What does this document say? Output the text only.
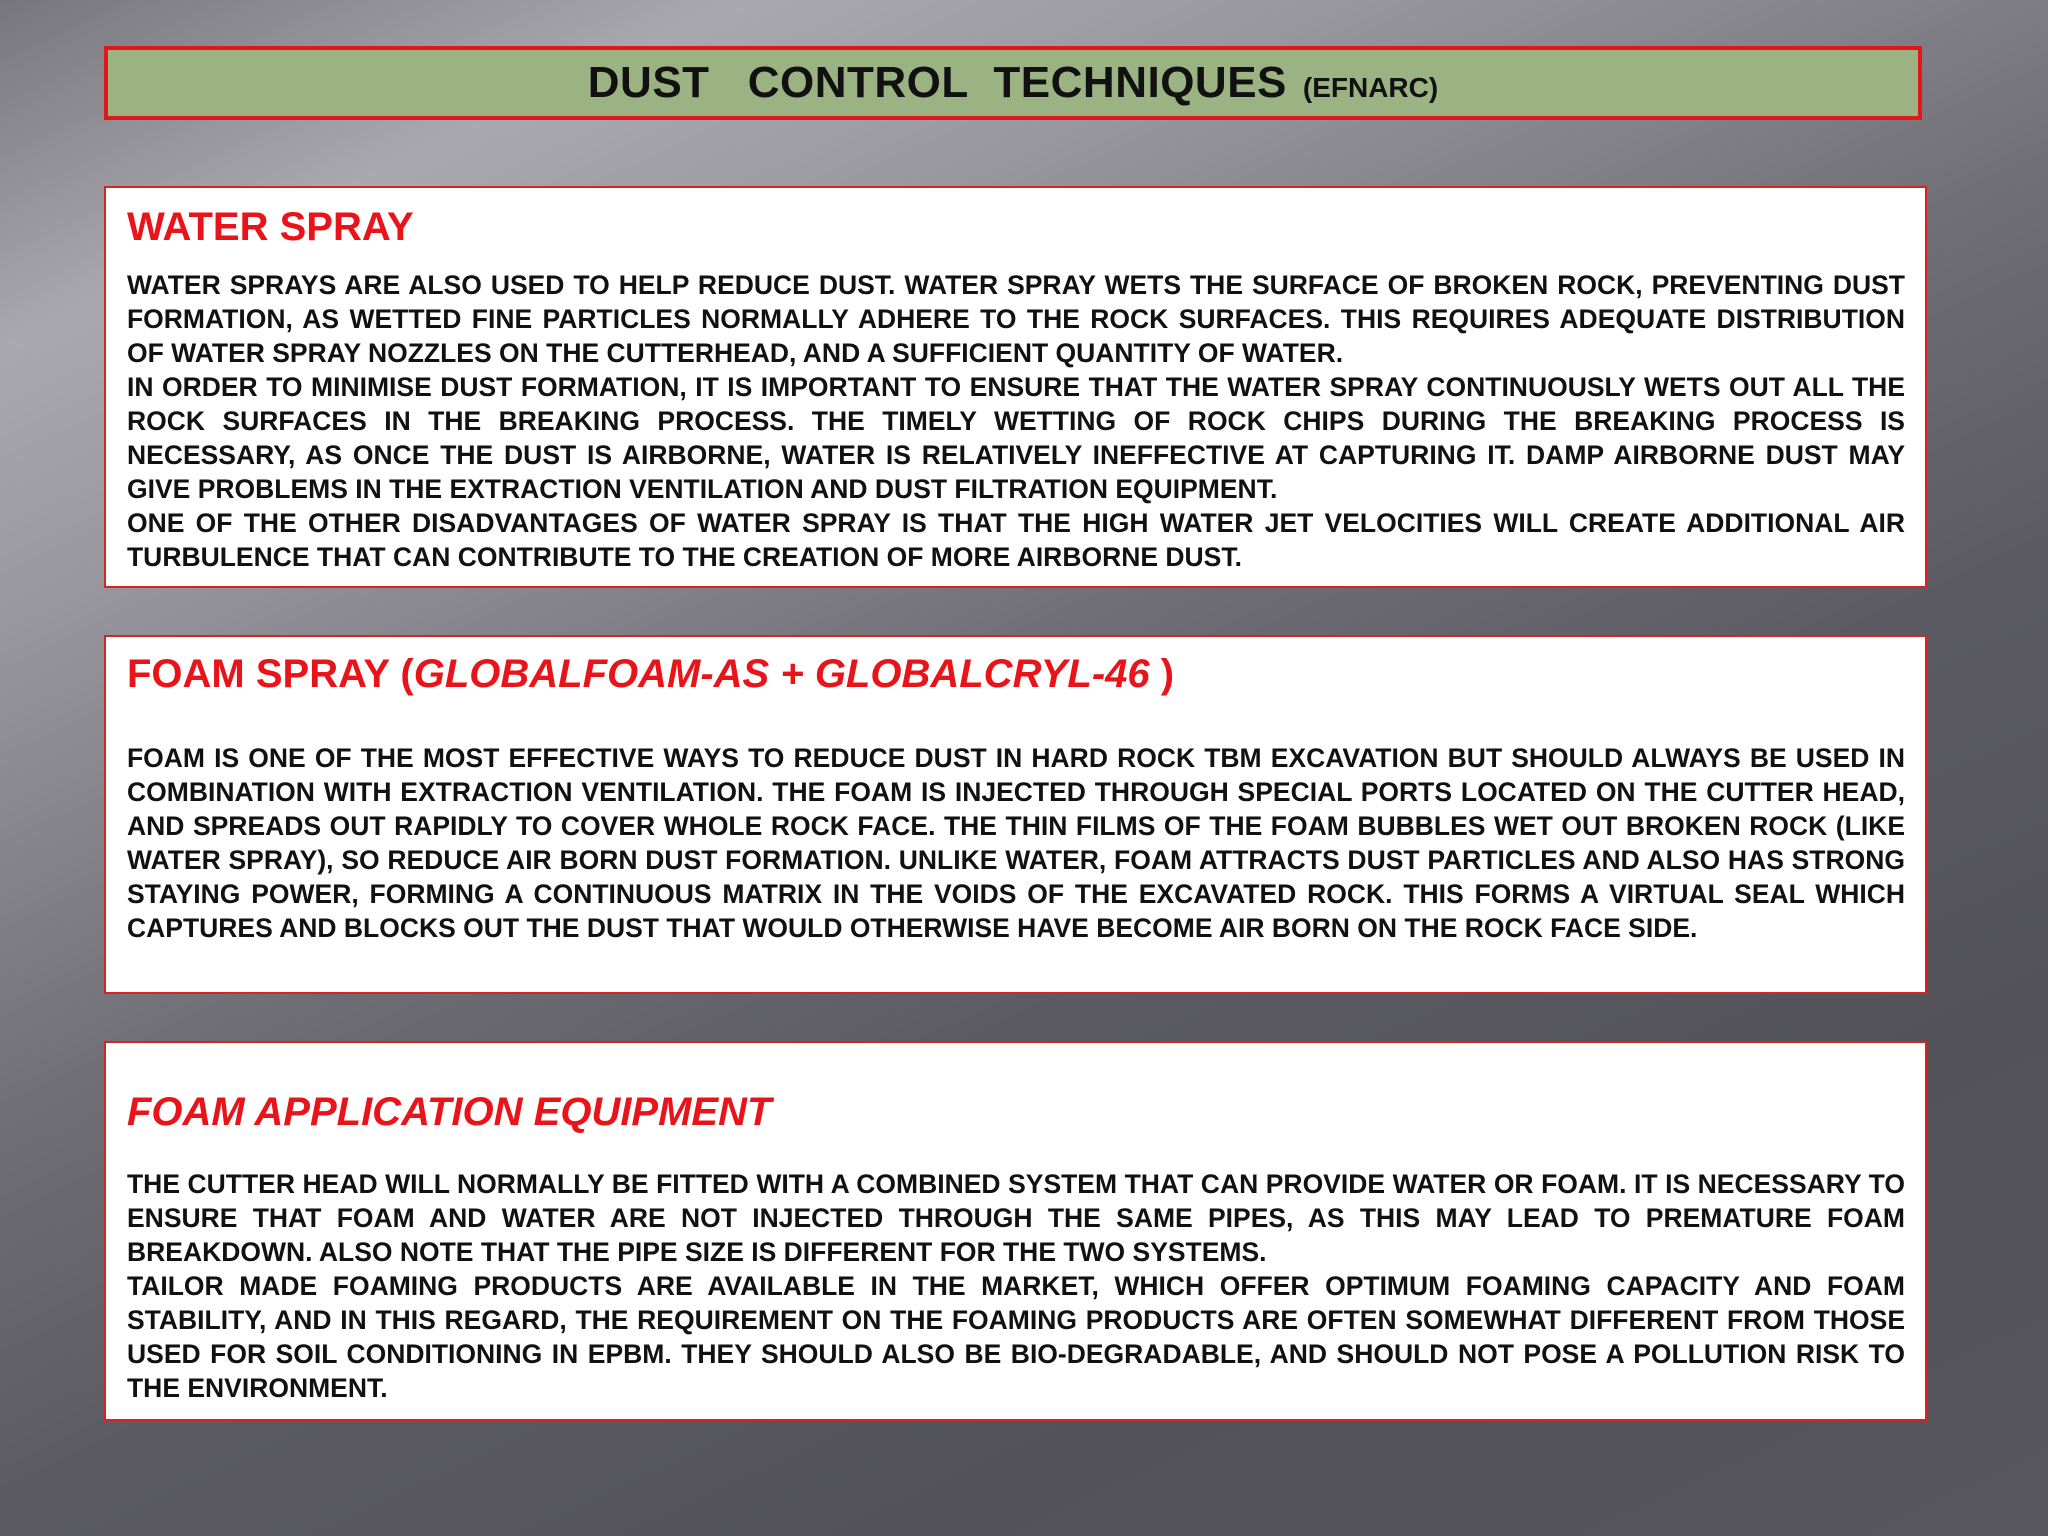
DUST   CONTROL  TECHNIQUES (EFNARC)
WATER SPRAY

WATER SPRAYS ARE ALSO USED TO HELP REDUCE DUST. WATER SPRAY WETS THE SURFACE OF BROKEN ROCK, PREVENTING DUST FORMATION, AS WETTED FINE PARTICLES NORMALLY ADHERE TO THE ROCK SURFACES. THIS REQUIRES ADEQUATE DISTRIBUTION OF WATER SPRAY NOZZLES ON THE CUTTERHEAD, AND A SUFFICIENT QUANTITY OF WATER.

IN ORDER TO MINIMISE DUST FORMATION, IT IS IMPORTANT TO ENSURE THAT THE WATER SPRAY CONTINUOUSLY WETS OUT ALL THE ROCK SURFACES IN THE BREAKING PROCESS. THE TIMELY WETTING OF ROCK CHIPS DURING THE BREAKING PROCESS IS NECESSARY, AS ONCE THE DUST IS AIRBORNE, WATER IS RELATIVELY INEFFECTIVE AT CAPTURING IT. DAMP AIRBORNE DUST MAY GIVE PROBLEMS IN THE EXTRACTION VENTILATION AND DUST FILTRATION EQUIPMENT.

ONE OF THE OTHER DISADVANTAGES OF WATER SPRAY IS THAT THE HIGH WATER JET VELOCITIES WILL CREATE ADDITIONAL AIR TURBULENCE THAT CAN CONTRIBUTE TO THE CREATION OF MORE AIRBORNE DUST.

FOAM SPRAY (GLOBALFOAM-AS + GLOBALCRYL-46 )

FOAM IS ONE OF THE MOST EFFECTIVE WAYS TO REDUCE DUST IN HARD ROCK TBM EXCAVATION BUT SHOULD ALWAYS BE USED IN COMBINATION WITH EXTRACTION VENTILATION. THE FOAM IS INJECTED THROUGH SPECIAL PORTS LOCATED ON THE CUTTER HEAD, AND SPREADS OUT RAPIDLY TO COVER WHOLE ROCK FACE. THE THIN FILMS OF THE FOAM BUBBLES WET OUT BROKEN ROCK (LIKE WATER SPRAY), SO REDUCE AIR BORN DUST FORMATION. UNLIKE WATER, FOAM ATTRACTS DUST PARTICLES AND ALSO HAS STRONG STAYING POWER, FORMING A CONTINUOUS MATRIX IN THE VOIDS OF THE EXCAVATED ROCK. THIS FORMS A VIRTUAL SEAL WHICH CAPTURES AND BLOCKS OUT THE DUST THAT WOULD OTHERWISE HAVE BECOME AIR BORN ON THE ROCK FACE SIDE.

FOAM APPLICATION EQUIPMENT

THE CUTTER HEAD WILL NORMALLY BE FITTED WITH A COMBINED SYSTEM THAT CAN PROVIDE WATER OR FOAM. IT IS NECESSARY TO ENSURE THAT FOAM AND WATER ARE NOT INJECTED THROUGH THE SAME PIPES, AS THIS MAY LEAD TO PREMATURE FOAM BREAKDOWN. ALSO NOTE THAT THE PIPE SIZE IS DIFFERENT FOR THE TWO SYSTEMS.

TAILOR MADE FOAMING PRODUCTS ARE AVAILABLE IN THE MARKET, WHICH OFFER OPTIMUM FOAMING CAPACITY AND FOAM STABILITY, AND IN THIS REGARD, THE REQUIREMENT ON THE FOAMING PRODUCTS ARE OFTEN SOMEWHAT DIFFERENT FROM THOSE USED FOR SOIL CONDITIONING IN EPBM. THEY SHOULD ALSO BE BIO-DEGRADABLE, AND SHOULD NOT POSE A POLLUTION RISK TO THE ENVIRONMENT.
